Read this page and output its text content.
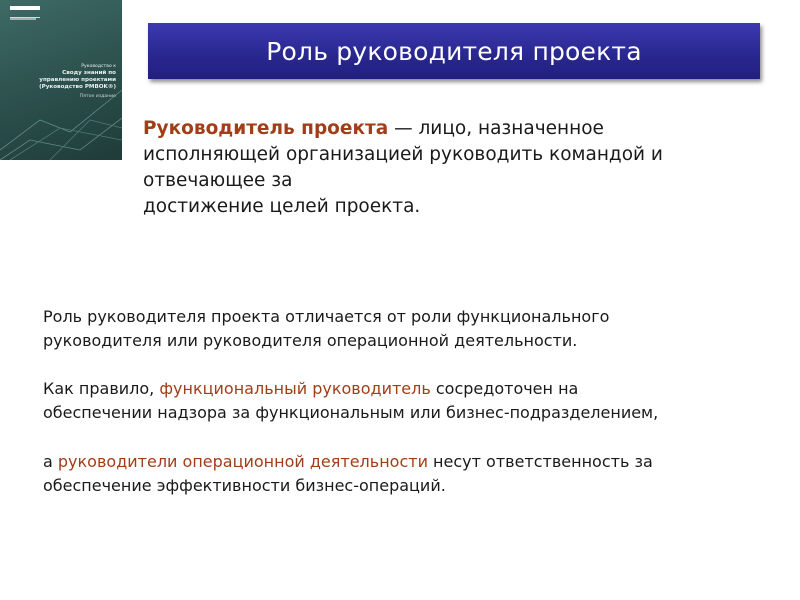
Руководство к
Своду знаний по
управлению проектами
(Руководство PMBOK®)
Пятое издание
Роль руководителя проекта
Руководитель проекта — лицо, назначенное
исполняющей организацией руководить командой и
отвечающее за
достижение целей проекта.
Роль руководителя проекта отличается от роли функционального
руководителя или руководителя операционной деятельности.
Как правило, функциональный руководитель сосредоточен на
обеспечении надзора за функциональным или бизнес-подразделением,
а руководители операционной деятельности несут ответственность за
обеспечение эффективности бизнес-операций.
